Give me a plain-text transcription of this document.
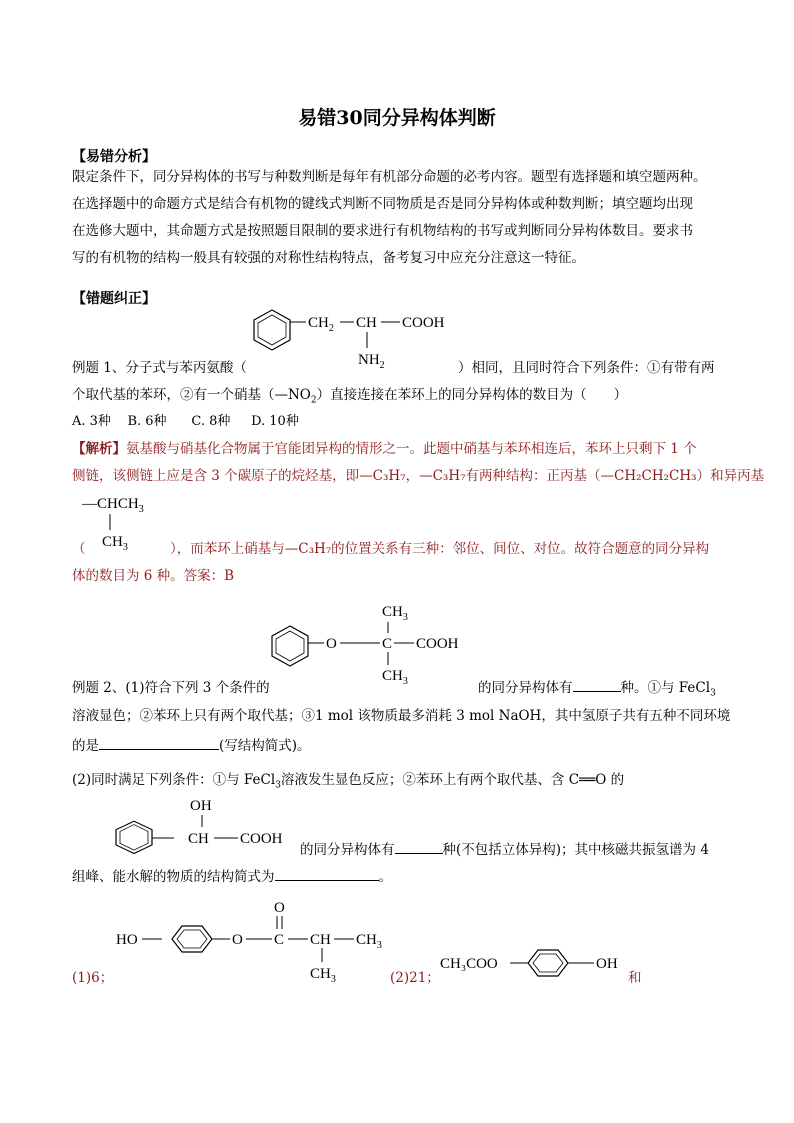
易错30同分异构体判断
【易错分析】
限定条件下，同分异构体的书写与种数判断是每年有机部分命题的必考内容。题型有选择题和填空题两种。
在选择题中的命题方式是结合有机物的键线式判断不同物质是否是同分异构体或种数判断；填空题均出现
在选修大题中，其命题方式是按照题目限制的要求进行有机物结构的书写或判断同分异构体数目。要求书
写的有机物的结构一般具有较强的对称性结构特点，备考复习中应充分注意这一特征。
【错题纠正】
$CH_2$ CH COOH
$NH_2$
例题 1、分子式与苯丙氨酸（	）相同，且同时符合下列条件：①有带有两
个取代基的苯环，②有一个硝基$(—NO_2)$直接连接在苯环上的同分异构体的数目为（　　）
A. 3种 B. 6种 C. 8种 D. 10种
【解析】氨基酸与硝基化合物属于官能团异构的情形之一。此题中硝基与苯环相连后，苯环上只剩下 1 个
侧链，该侧链上应是含 3 个碳原子的烷烃基，即—C₃H₇，—C₃H₇有两种结构：正丙基（—CH₂CH₂CH₃）和异丙基
$—CHCH_3$
$CH_3$
（	），而苯环上硝基与—C₃H₇的位置关系有三种：邻位、间位、对位。故符合题意的同分异构
体的数目为 6 种。答案：B
O	C COOH
$CH_3$
$CH_3$
例题 2、(1)符合下列 3 个条件的	的同分异构体有	种。①与 FeCl$_3$
溶液显色；②苯环上只有两个取代基；③1 mol 该物质最多消耗 3 mol NaOH，其中氢原子共有五种不同环境
的是	(写结构简式)。
(2)同时满足下列条件：①与 FeCl$_3$溶液发生显色反应；②苯环上有两个取代基、含 C══O 的
OH
CH COOH
的同分异构体有	种(不包括立体异构)；其中核磁共振氢谱为 4
组峰、能水解的物质的结构简式为	。
HO	O C
O
CH $CH_3$
$CH_3$
(1)6；	(2)21；
CH₃COO	OH
和
